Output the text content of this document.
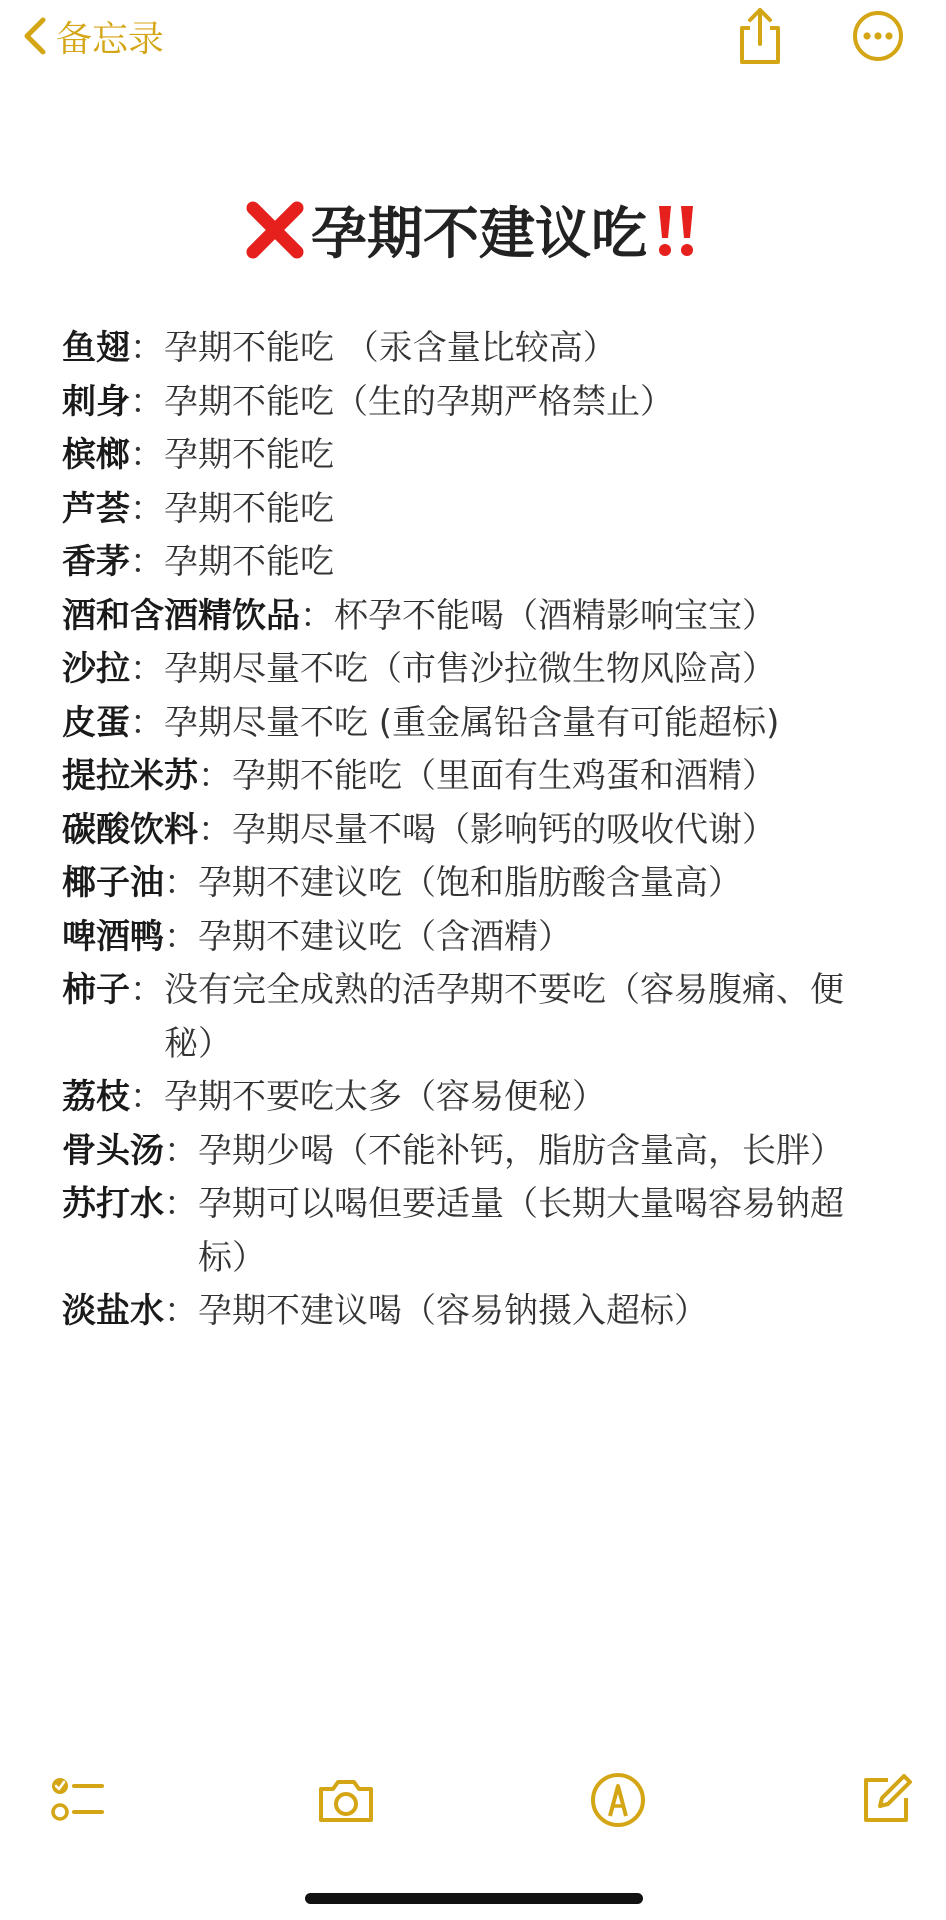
备忘录
孕期不建议吃
鱼翅 ： 孕期不能吃 （汞含量比较高）
刺身 ： 孕期不能吃（生的孕期严格禁止）
槟榔 ： 孕期不能吃
芦荟 ： 孕期不能吃
香茅 ： 孕期不能吃
酒和含酒精饮品 ： 杯孕不能喝（酒精影响宝宝）
沙拉 ： 孕期尽量不吃（市售沙拉微生物风险高）
皮蛋 ： 孕期尽量不吃 (重金属铅含量有可能超标)
提拉米苏 ： 孕期不能吃（里面有生鸡蛋和酒精）
碳酸饮料 ： 孕期尽量不喝（影响钙的吸收代谢）
椰子油 ： 孕期不建议吃（饱和脂肪酸含量高）
啤酒鸭 ： 孕期不建议吃（含酒精）
柿子 ： 没有完全成熟的活孕期不要吃（容易腹痛、便秘）
荔枝 ： 孕期不要吃太多（容易便秘）
骨头汤 ： 孕期少喝（不能补钙，脂肪含量高，长胖）
苏打水 ： 孕期可以喝但要适量（长期大量喝容易钠超标）
淡盐水 ： 孕期不建议喝（容易钠摄入超标）
